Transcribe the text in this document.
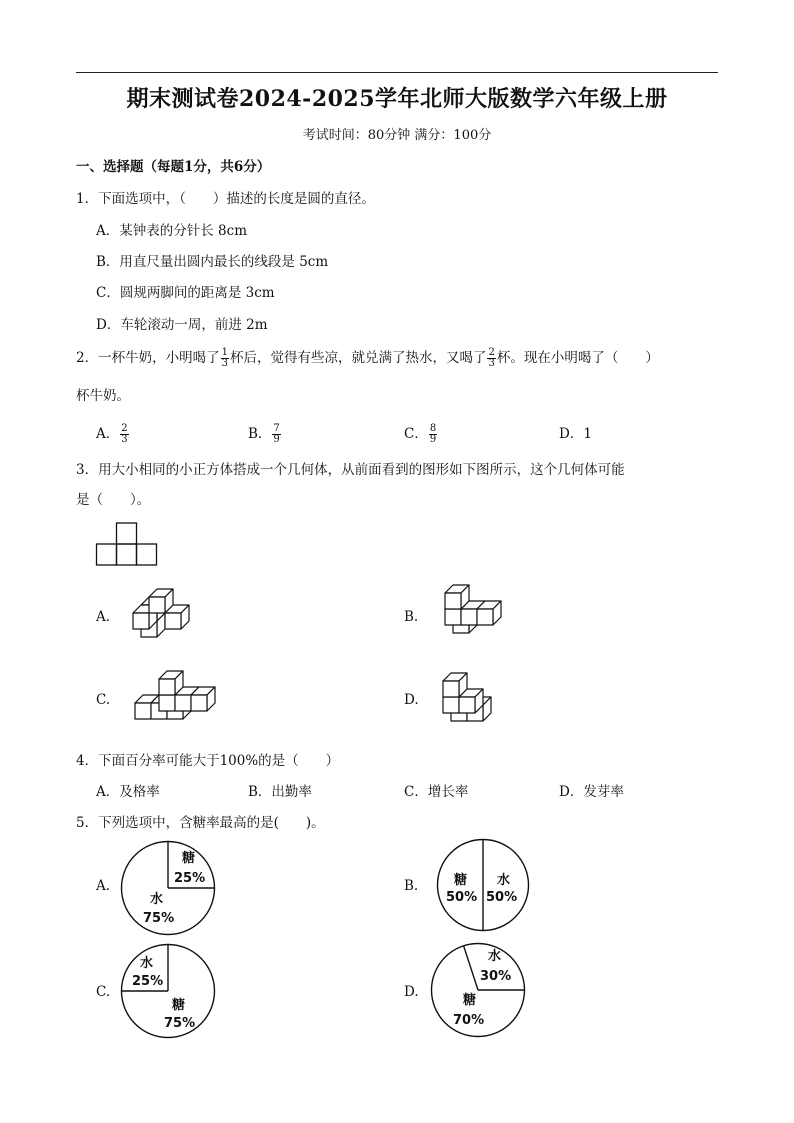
期末测试卷2024-2025学年北师大版数学六年级上册
考试时间：80分钟 满分：100分
一、选择题（每题1分，共6分）
1．下面选项中，（　　）描述的长度是圆的直径。
A．某钟表的分针长 8cm
B．用直尺量出圆内最长的线段是 5cm
C．圆规两脚间的距离是 3cm
D．车轮滚动一周，前进 2m
2．一杯牛奶，小明喝了 $\frac{1}{3}$ 杯后，觉得有些凉，就兑满了热水，又喝了 $\frac{2}{3}$ 杯。现在小明喝了（　　）
杯牛奶。
A． $\frac{2}{3}$	B． $\frac{7}{9}$	C． $\frac{8}{9}$	D．1
3．用大小相同的小正方体搭成一个几何体，从前面看到的图形如下图所示，这个几何体可能
是（　　）。
A.	B.
C.	D.
4．下面百分率可能大于100%的是（　　）
A．及格率	B．出勤率	C．增长率	D．发芽率
5．下列选项中，含糖率最高的是(　　)。
A.
糖
25%
水
75%
B.	糖
50%
水
50%
C.
水
25%
糖
75%
D.
水
30%
糖
70%
